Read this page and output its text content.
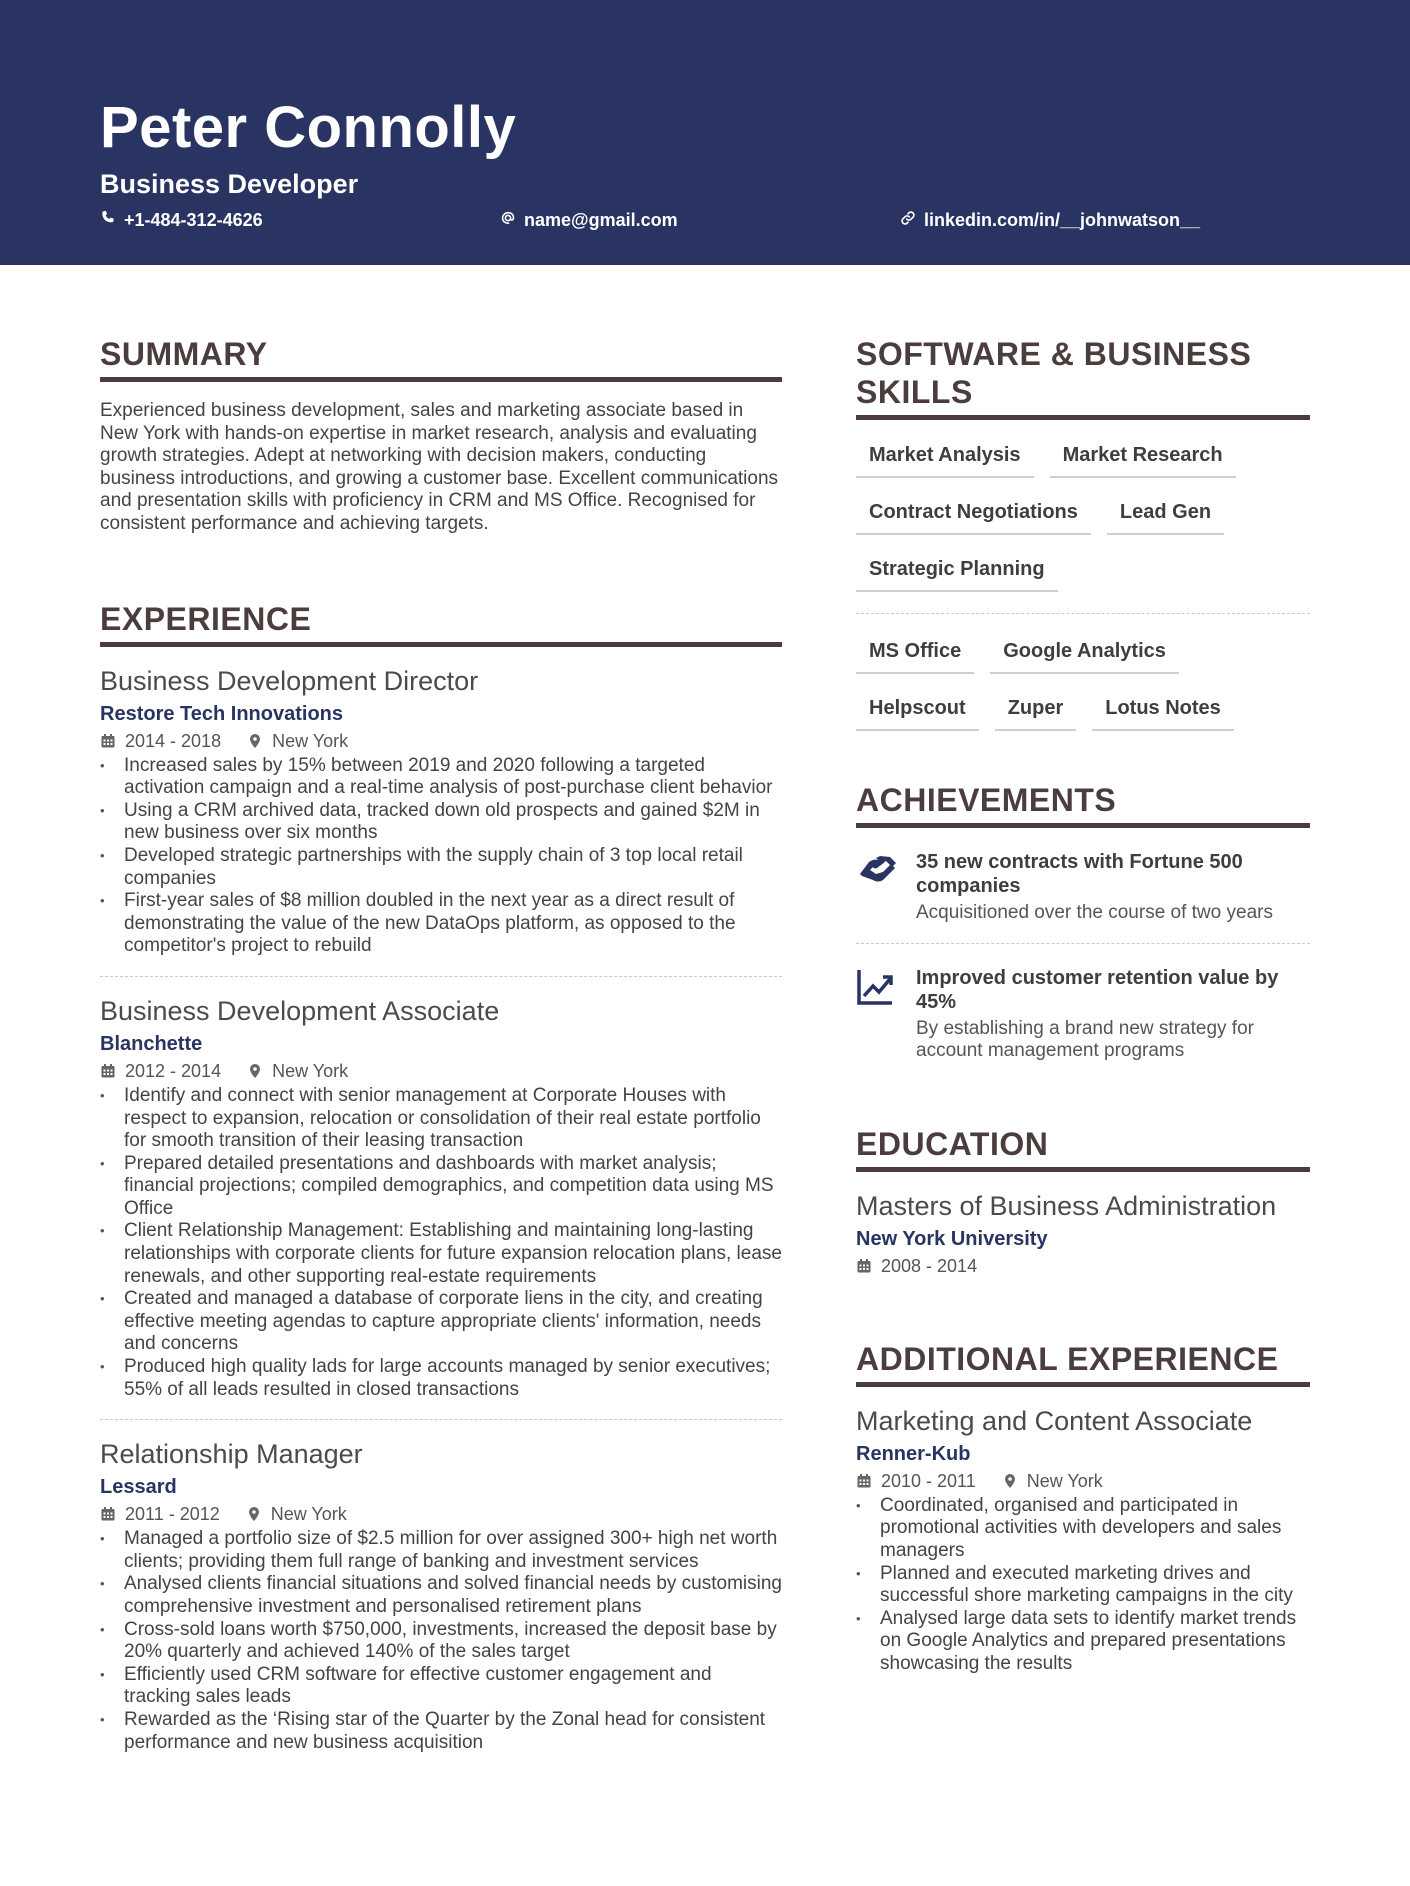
Peter Connolly
Business Developer
+1-484-312-4626	name@gmail.com	linkedin.com/in/__johnwatson__
SUMMARY

Experienced business development, sales and marketing associate based in New York with hands-on expertise in market research, analysis and evaluating growth strategies. Adept at networking with decision makers, conducting business introductions, and growing a customer base. Excellent communications and presentation skills with proficiency in CRM and MS Office. Recognised for consistent performance and achieving targets.

EXPERIENCE
Business Development Director
Restore Tech Innovations
2014 - 2018	New York
• Increased sales by 15% between 2019 and 2020 following a targeted activation campaign and a real-time analysis of post-purchase client behavior
• Using a CRM archived data, tracked down old prospects and gained $2M in new business over six months
• Developed strategic partnerships with the supply chain of 3 top local retail companies
• First-year sales of $8 million doubled in the next year as a direct result of demonstrating the value of the new DataOps platform, as opposed to the competitor's project to rebuild
Business Development Associate
Blanchette
2012 - 2014	New York
• Identify and connect with senior management at Corporate Houses with respect to expansion, relocation or consolidation of their real estate portfolio for smooth transition of their leasing transaction
• Prepared detailed presentations and dashboards with market analysis; financial projections; compiled demographics, and competition data using MS Office
• Client Relationship Management: Establishing and maintaining long-lasting relationships with corporate clients for future expansion relocation plans, lease renewals, and other supporting real-estate requirements
• Created and managed a database of corporate liens in the city, and creating effective meeting agendas to capture appropriate clients' information, needs and concerns
• Produced high quality lads for large accounts managed by senior executives; 55% of all leads resulted in closed transactions
Relationship Manager
Lessard
2011 - 2012	New York
• Managed a portfolio size of $2.5 million for over assigned 300+ high net worth clients; providing them full range of banking and investment services
• Analysed clients financial situations and solved financial needs by customising comprehensive investment and personalised retirement plans
• Cross-sold loans worth $750,000, investments, increased the deposit base by 20% quarterly and achieved 140% of the sales target
• Efficiently used CRM software for effective customer engagement and tracking sales leads
• Rewarded as the ‘Rising star of the Quarter by the Zonal head for consistent performance and new business acquisition
SOFTWARE & BUSINESS
SKILLS
Market Analysis	Market Research
Contract Negotiations	Lead Gen
Strategic Planning
MS Office	Google Analytics
Helpscout	Zuper	Lotus Notes
ACHIEVEMENTS
35 new contracts with Fortune 500 companies
Acquisitioned over the course of two years
Improved customer retention value by 45%
By establishing a brand new strategy for account management programs
EDUCATION
Masters of Business Administration
New York University
2008 - 2014
ADDITIONAL EXPERIENCE
Marketing and Content Associate
Renner-Kub
2010 - 2011	New York
• Coordinated, organised and participated in promotional activities with developers and sales managers
• Planned and executed marketing drives and successful shore marketing campaigns in the city
• Analysed large data sets to identify market trends on Google Analytics and prepared presentations showcasing the results
